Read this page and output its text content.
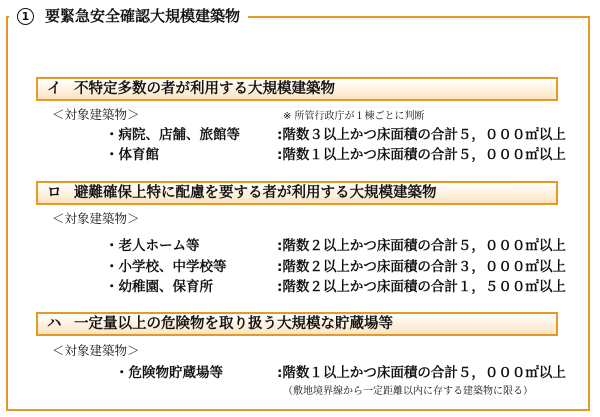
1	要緊急安全確認大規模建築物
イ 不特定多数の者が利用する大規模建築物
＜対象建築物＞	※ 所管行政庁が１棟ごとに判断
・病院、店舗、旅館等	:階数３以上かつ床面積の合計５，０００㎡以上
・体育館	:階数１以上かつ床面積の合計５，０００㎡以上
ロ 避難確保上特に配慮を要する者が利用する大規模建築物
＜対象建築物＞
・老人ホーム等	:階数２以上かつ床面積の合計５，０００㎡以上
・小学校、中学校等	:階数２以上かつ床面積の合計３，０００㎡以上
・幼稚園、保育所	:階数２以上かつ床面積の合計１，５００㎡以上
ハ 一定量以上の危険物を取り扱う大規模な貯蔵場等
＜対象建築物＞
・危険物貯蔵場等	:階数１以上かつ床面積の合計５，０００㎡以上
（敷地境界線から一定距離以内に存する建築物に限る）
